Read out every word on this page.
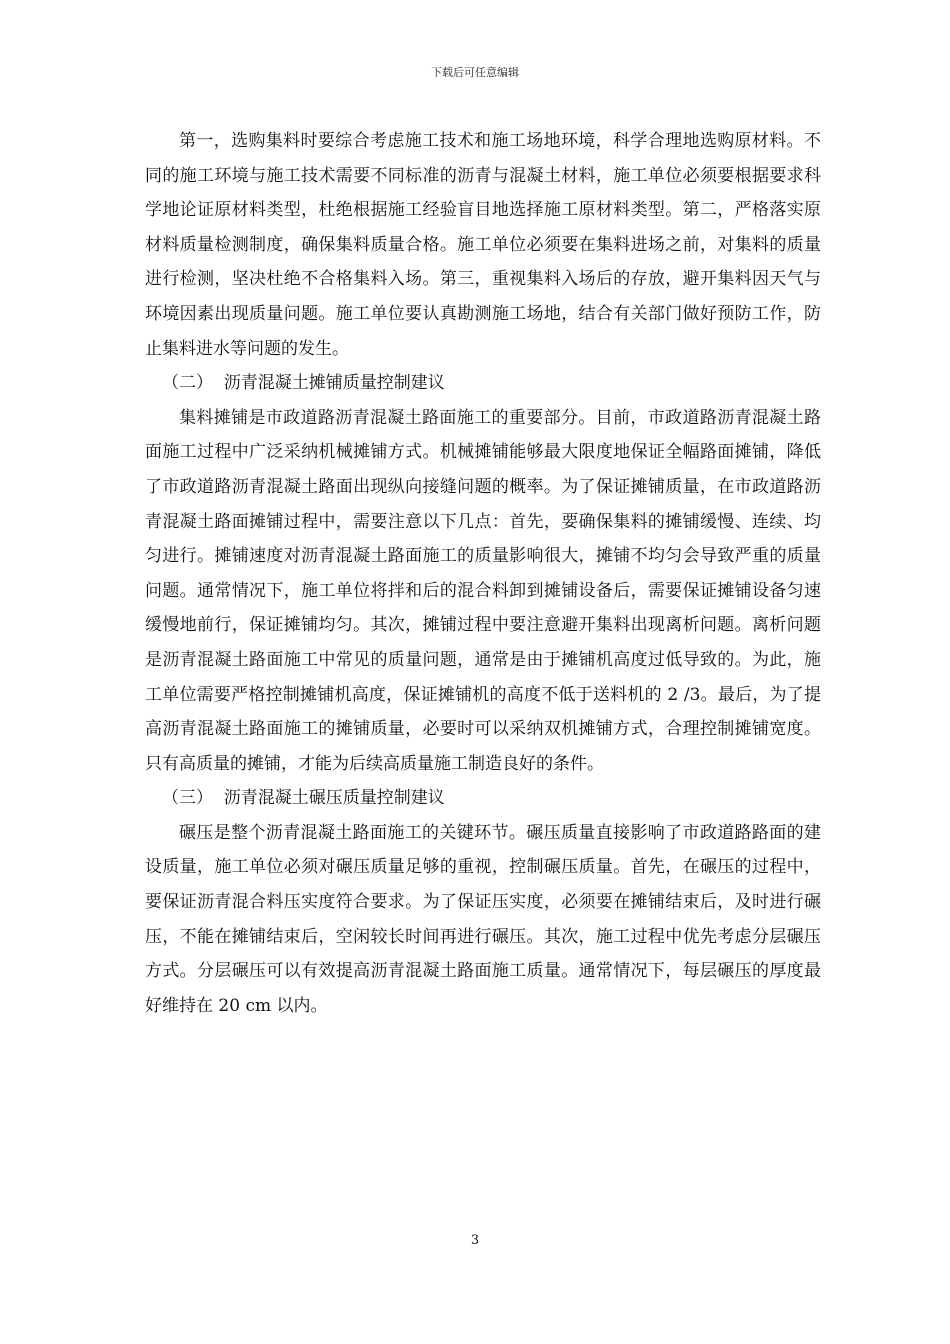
下载后可任意编辑

第一，选购集料时要综合考虑施工技术和施工场地环境，科学合理地选购原材料。不同的施工环境与施工技术需要不同标准的沥青与混凝土材料，施工单位必须要根据要求科学地论证原材料类型，杜绝根据施工经验盲目地选择施工原材料类型。第二，严格落实原材料质量检测制度，确保集料质量合格。施工单位必须要在集料进场之前，对集料的质量进行检测，坚决杜绝不合格集料入场。第三，重视集料入场后的存放，避开集料因天气与环境因素出现质量问题。施工单位要认真勘测施工场地，结合有关部门做好预防工作，防止集料进水等问题的发生。

（二）  沥青混凝土摊铺质量控制建议

集料摊铺是市政道路沥青混凝土路面施工的重要部分。目前，市政道路沥青混凝土路面施工过程中广泛采纳机械摊铺方式。机械摊铺能够最大限度地保证全幅路面摊铺，降低了市政道路沥青混凝土路面出现纵向接缝问题的概率。为了保证摊铺质量，在市政道路沥青混凝土路面摊铺过程中，需要注意以下几点：首先，要确保集料的摊铺缓慢、连续、均匀进行。摊铺速度对沥青混凝土路面施工的质量影响很大，摊铺不均匀会导致严重的质量问题。通常情况下，施工单位将拌和后的混合料卸到摊铺设备后，需要保证摊铺设备匀速缓慢地前行，保证摊铺均匀。其次，摊铺过程中要注意避开集料出现离析问题。离析问题是沥青混凝土路面施工中常见的质量问题，通常是由于摊铺机高度过低导致的。为此，施工单位需要严格控制摊铺机高度，保证摊铺机的高度不低于送料机的 2 /3。最后，为了提高沥青混凝土路面施工的摊铺质量，必要时可以采纳双机摊铺方式，合理控制摊铺宽度。只有高质量的摊铺，才能为后续高质量施工制造良好的条件。

（三）  沥青混凝土碾压质量控制建议

碾压是整个沥青混凝土路面施工的关键环节。碾压质量直接影响了市政道路路面的建设质量，施工单位必须对碾压质量足够的重视，控制碾压质量。首先，在碾压的过程中，要保证沥青混合料压实度符合要求。为了保证压实度，必须要在摊铺结束后，及时进行碾压，不能在摊铺结束后，空闲较长时间再进行碾压。其次，施工过程中优先考虑分层碾压方式。分层碾压可以有效提高沥青混凝土路面施工质量。通常情况下，每层碾压的厚度最好维持在 20 cm 以内。

3
